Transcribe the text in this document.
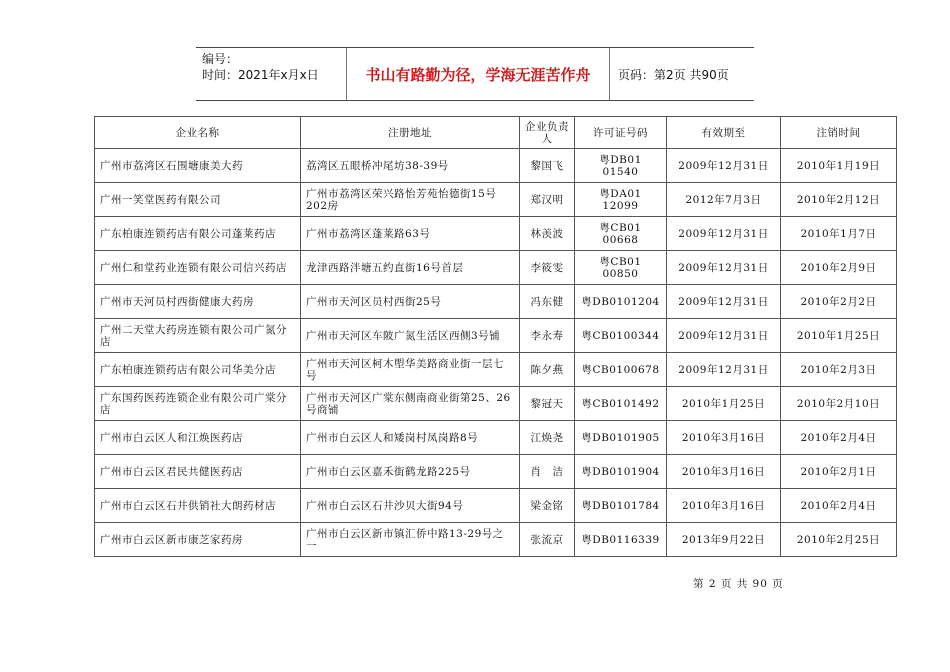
编号：
时间：2021年x月x日	书山有路勤为径，学海无涯苦作舟	页码：第2页 共90页
企业名称	注册地址	企业负责人	许可证号码	有效期至	注销时间
广州市荔湾区石围塘康美大药	荔湾区五眼桥冲尾坊38-39号	黎国飞	粤DB01 01540	2009年12月31日	2010年1月19日
广州一笑堂医药有限公司	广州市荔湾区荣兴路怡芳苑怡德街15号202房	郑汉明	粤DA01 12099	2012年7月3日	2010年2月12日
广东柏康连锁药店有限公司蓬莱药店	广州市荔湾区蓬莱路63号	林羡波	粤CB01 00668	2009年12月31日	2010年1月7日
广州仁和堂药业连锁有限公司信兴药店	龙津西路泮塘五约直街16号首层	李筱雯	粤CB01 00850	2009年12月31日	2010年2月9日
广州市天河员村西街健康大药房	广州市天河区员村西街25号	冯东健	粤DB0101204	2009年12月31日	2010年2月2日
广州二天堂大药房连锁有限公司广氮分店	广州市天河区车陂广氮生活区西侧3号铺	李永寿	粤CB0100344	2009年12月31日	2010年1月25日
广东柏康连锁药店有限公司华美分店	广州市天河区柯木塱华美路商业街一层七号	陈夕燕	粤CB0100678	2009年12月31日	2010年2月3日
广东国药医药连锁企业有限公司广棠分店	广州市天河区广棠东侧南商业街第25、26号商铺	黎冠天	粤CB0101492	2010年1月25日	2010年2月10日
广州市白云区人和江焕医药店	广州市白云区人和矮岗村凤岗路8号	江焕尧	粤DB0101905	2010年3月16日	2010年2月4日
广州市白云区君民共健医药店	广州市白云区嘉禾街鹤龙路225号	肖　洁	粤DB0101904	2010年3月16日	2010年2月1日
广州市白云区石井供销社大朗药材店	广州市白云区石井沙贝大街94号	梁金铭	粤DB0101784	2010年3月16日	2010年2月4日
广州市白云区新市康芝家药房	广州市白云区新市镇汇侨中路13-29号之一	张流京	粤DB0116339	2013年9月22日	2010年2月25日
第 2 页 共 90 页
